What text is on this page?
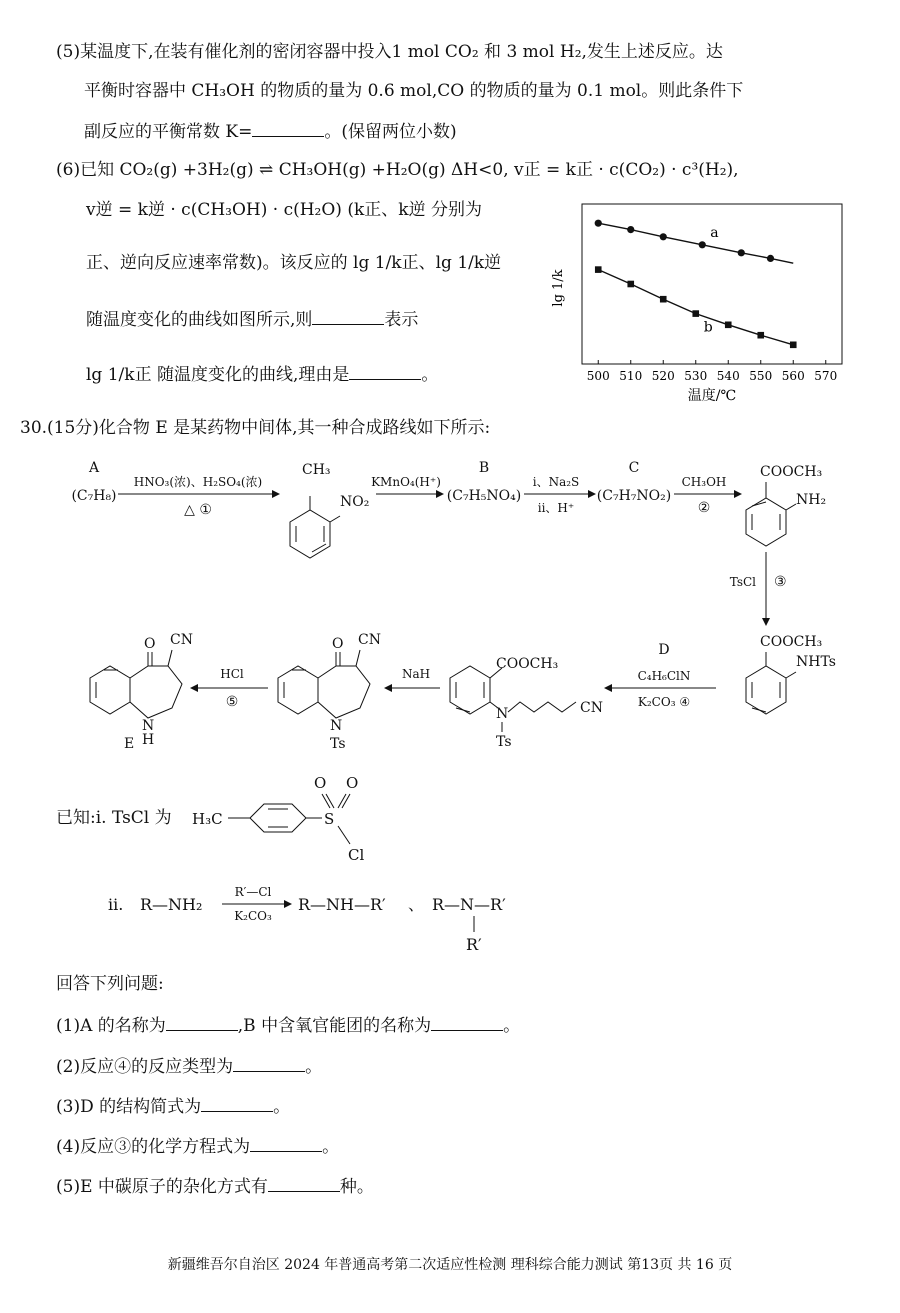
(5)某温度下,在装有催化剂的密闭容器中投入1 mol CO₂ 和 3 mol H₂,发生上述反应。达
平衡时容器中 CH₃OH 的物质的量为 0.6 mol,CO 的物质的量为 0.1 mol。则此条件下
副反应的平衡常数 K=	。(保留两位小数)
(6)已知 CO₂(g) +3H₂(g) ⇌ CH₃OH(g) +H₂O(g) ΔH<0, v正 = k正 · c(CO₂) · c³(H₂),
v逆 = k逆 · c(CH₃OH) · c(H₂O) (k正、k逆 分别为
正、逆向反应速率常数)。该反应的 lg 1/k正、lg 1/k逆
随温度变化的曲线如图所示,则	表示
lg 1/k正 随温度变化的曲线,理由是	。	500 510 520 530 540 550 560 570
a
b
lg 1/k
温度/℃
30.(15分)化合物 E 是某药物中间体,其一种合成路线如下所示:
A
(C₇H₈)
HNO₃(浓)、H₂SO₄(浓)
△ ①
CH₃
NO₂
KMnO₄(H⁺)
B
(C₇H₅NO₄)
i、Na₂S
ii、H⁺
C
(C₇H₇NO₂)
CH₃OH
②
COOCH₃
NH₂
TsCl ③
COOCH₃
NHTs
D
C₄H₆ClN
K₂CO₃ ④
COOCH₃
N	CN
Ts
NaH
O CN
N
Ts
HCl
⑤
O CN
N
H
E
已知:i. TsCl 为 H₃C	S
O O
Cl
ii. R—NH₂
R′—Cl
K₂CO₃
R—NH—R′ 、 R—N—R′
R′
回答下列问题:
(1)A 的名称为	,B 中含氧官能团的名称为	。
(2)反应④的反应类型为	。
(3)D 的结构简式为	。
(4)反应③的化学方程式为	。
(5)E 中碳原子的杂化方式有	种。
新疆维吾尔自治区 2024 年普通高考第二次适应性检测 理科综合能力测试 第13页 共 16 页
